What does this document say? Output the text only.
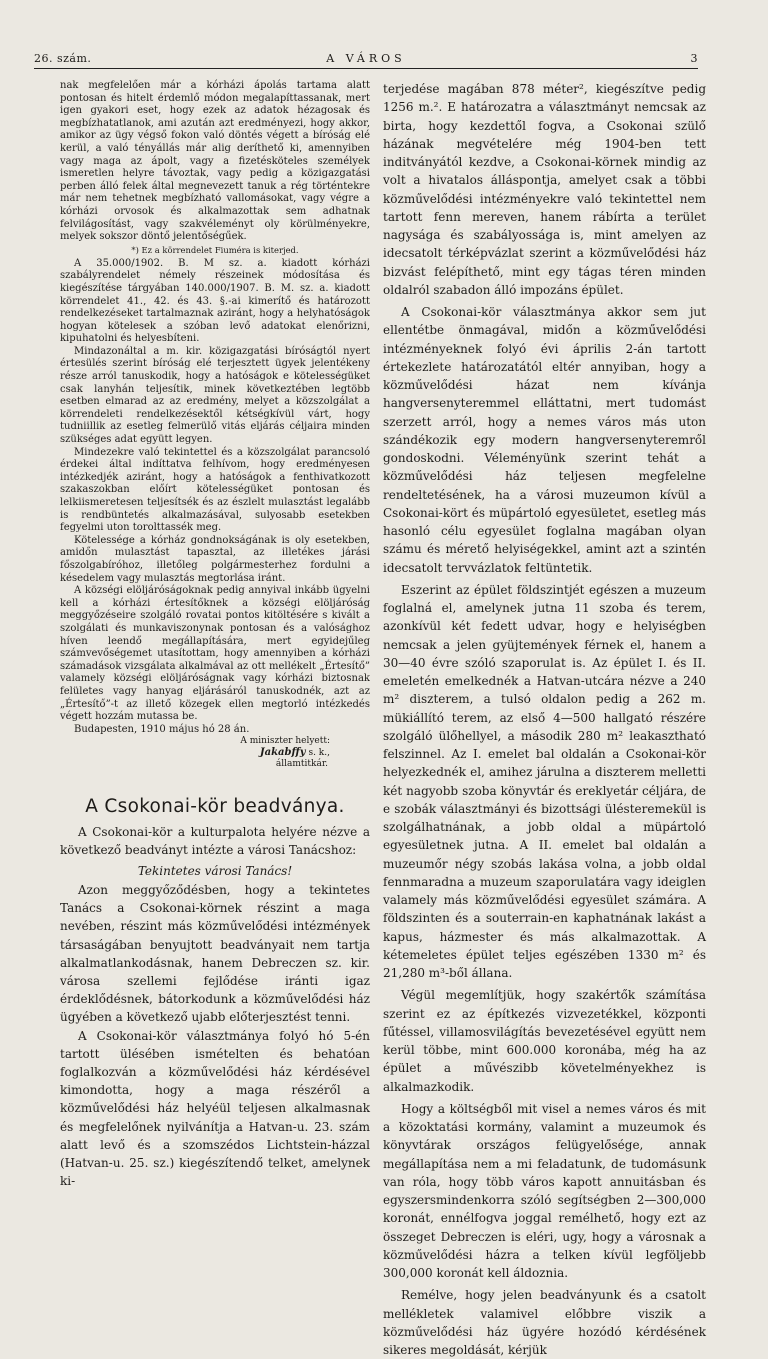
26. szám.	A VÁROS	3

nak megfelelően már a kórházi ápolás tartama alatt pontosan és hitelt érdemlő módon megalapíttassanak, mert igen gyakori eset, hogy ezek az adatok hézagosak és megbízhatatlanok, ami azután azt eredményezi, hogy akkor, amikor az ügy végső fokon való döntés végett a bíróság elé kerül, a való tényállás már alig deríthető ki, amennyiben vagy maga az ápolt, vagy a fizetésköteles személyek ismeretlen helyre távoztak, vagy pedig a közigazgatási perben álló felek által megnevezett tanuk a rég történtekre már nem tehetnek megbízható vallomásokat, vagy végre a kórházi orvosok és alkalmazottak sem adhatnak felvilágosítást, vagy szakvéleményt oly körülményekre, melyek sokszor döntő jelentőségűek.

*) Ez a körrendelet Fiuméra is kiterjed.

A 35.000/1902. B. M sz. a. kiadott kórházi szabályrendelet némely részeinek módosítása és kiegészítése tárgyában 140.000/1907. B. M. sz. a. kiadott körrendelet 41., 42. és 43. §.-ai kimerítő és határozott rendelkezéseket tartalmaznak aziránt, hogy a helyhatóságok hogyan kötelesek a szóban levő adatokat elenőrizni, kipuhatolni és helyesbíteni.

Mindazonáltal a m. kir. közigazgatási bíróságtól nyert értesülés szerint bíróság elé terjesztett ügyek jelentékeny része arról tanuskodik, hogy a hatóságok e kötelességüket csak lanyhán teljesítik, minek következtében legtöbb esetben elmarad az az eredmény, melyet a közszolgálat a körrendeleti rendelkezésektől kétségkívül várt, hogy tudniillik az esetleg felmerülő vitás eljárás céljaira minden szükséges adat együtt legyen.

Mindezekre való tekintettel és a közszolgálat parancsoló érdekei által indíttatva felhívom, hogy eredményesen intézkedjék aziránt, hogy a hatóságok a fenthivatkozott szakaszokban előírt kötelességüket pontosan és lelkiismeretesen teljesítsék és az észlelt mulasztást legalább is rendbüntetés alkalmazásával, sulyosabb esetekben fegyelmi uton torolttassék meg.

Kötelessége a kórház gondnokságának is oly esetekben, amidőn mulasztást tapasztal, az illetékes járási főszolgabíróhoz, illetőleg polgármesterhez fordulni a késedelem vagy mulasztás megtorlása iránt.

A községi elöljáróságoknak pedig annyival inkább ügyelni kell a kórházi értesítőknek a községi elöljáróság meggyőzéseire szolgáló rovatai pontos kitöltésére s kivált a szolgálati és munkaviszonynak pontosan és a valósághoz híven leendő megállapítására, mert egyidejűleg számvevőségemet utasítottam, hogy amennyiben a kórházi számadások vizsgálata alkalmával az ott mellékelt „Értesítő” valamely községi elöljáróságnak vagy kórházi biztosnak felületes vagy hanyag eljárásáról tanuskodnék, azt az „Értesítő”-t az illető közegek ellen megtorló intézkedés végett hozzám mutassa be.

Budapesten, 1910 május hó 28 án.

A miniszter helyett:
Jakabffy s. k.,
államtitkár.
A Csokonai-kör beadványa.

A Csokonai-kör a kulturpalota helyére nézve a következő beadványt intézte a városi Tanácshoz:

Tekintetes városi Tanács!

Azon meggyőződésben, hogy a tekintetes Tanács a Csokonai-körnek részint a maga nevében, részint más közművelődési intézmények társaságában benyujtott beadványait nem tartja alkalmatlankodásnak, hanem Debreczen sz. kir. városa szellemi fejlődése iránti igaz érdeklődésnek, bátorkodunk a közművelődési ház ügyében a következő ujabb előterjesztést tenni.

A Csokonai-kör választmánya folyó hó 5-én tartott ülésében ismételten és behatóan foglalkozván a közművelődési ház kérdésével kimondotta, hogy a maga részéről a közművelődési ház helyéül teljesen alkalmasnak és megfelelőnek nyilvánítja a Hatvan-u. 23. szám alatt levő és a szomszédos Lichtstein-házzal (Hatvan-u. 25. sz.) kiegészítendő telket, amelynek ki-

terjedése magában 878 méter², kiegészítve pedig 1256 m.². E határozatra a választmányt nemcsak az birta, hogy kezdettől fogva, a Csokonai szülő házának megvételére még 1904-ben tett inditványától kezdve, a Csokonai-körnek mindig az volt a hivatalos álláspontja, amelyet csak a többi közművelődési intézményekre való tekintettel nem tartott fenn mereven, hanem rábírta a terület nagysága és szabályossága is, mint amelyen az idecsatolt térképvázlat szerint a közművelődési ház bizvást felépíthető, mint egy tágas téren minden oldalról szabadon álló impozáns épület.

A Csokonai-kör választmánya akkor sem jut ellentétbe önmagával, midőn a közművelődési intézményeknek folyó évi április 2-án tartott értekezlete határozatától eltér annyiban, hogy a közművelődési házat nem kívánja hangversenyteremmel elláttatni, mert tudomást szerzett arról, hogy a nemes város más uton szándékozik egy modern hangversenyteremről gondoskodni. Véleményünk szerint tehát a közművelődési ház teljesen megfelelne rendeltetésének, ha a városi muzeumon kívül a Csokonai-kört és müpártoló egyesületet, esetleg más hasonló célu egyesület foglalna magában olyan számu és mérető helyiségekkel, amint azt a szintén idecsatolt tervvázlatok feltüntetik.

Eszerint az épület földszintjét egészen a muzeum foglalná el, amelynek jutna 11 szoba és terem, azonkívül két fedett udvar, hogy e helyiségben nemcsak a jelen gyüjtemények férnek el, hanem a 30—40 évre szóló szaporulat is. Az épület I. és II. emeletén emelkednék a Hatvan-utcára nézve a 240 m² diszterem, a tulsó oldalon pedig a 262 m. mükiállító terem, az első 4—500 hallgató részére szolgáló ülőhellyel, a második 280 m² leakasztható felszinnel. Az I. emelet bal oldalán a Csokonai-kör helyezkednék el, amihez járulna a diszterem melletti két nagyobb szoba könyvtár és ereklyetár céljára, de e szobák választmányi és bizottsági ülésteremekül is szolgálhatnának, a jobb oldal a müpártoló egyesületnek jutna. A II. emelet bal oldalán a muzeumőr négy szobás lakása volna, a jobb oldal fennmaradna a muzeum szaporulatára vagy ideiglen valamely más közművelődési egyesület számára. A földszinten és a souterrain-en kaphatnának lakást a kapus, házmester és más alkalmazottak. A kétemeletes épület teljes egészében 1330 m² és 21,280 m³-ből állana.

Végül megemlítjük, hogy szakértők számítása szerint ez az építkezés vizvezetékkel, központi fűtéssel, villamosvilágítás bevezetésével együtt nem kerül többe, mint 600.000 koronába, még ha az épület a művészibb követelményekhez is alkalmazkodik.

Hogy a költségből mit visel a nemes város és mit a közoktatási kormány, valamint a muzeumok és könyvtárak országos felügyelősége, annak megállapítása nem a mi feladatunk, de tudomásunk van róla, hogy több város kapott annuitásban és egyszersmindenkorra szóló segítségben 2—300,000 koronát, ennélfogva joggal remélhető, hogy ezt az összeget Debreczen is eléri, ugy, hogy a városnak a közművelődési házra a telken kívül legföljebb 300,000 koronát kell áldoznia.

Remélve, hogy jelen beadványunk és a csatolt mellékletek valamivel előbbre viszik a közművelődési ház ügyére hozódó kérdésének sikeres megoldását, kérjük
